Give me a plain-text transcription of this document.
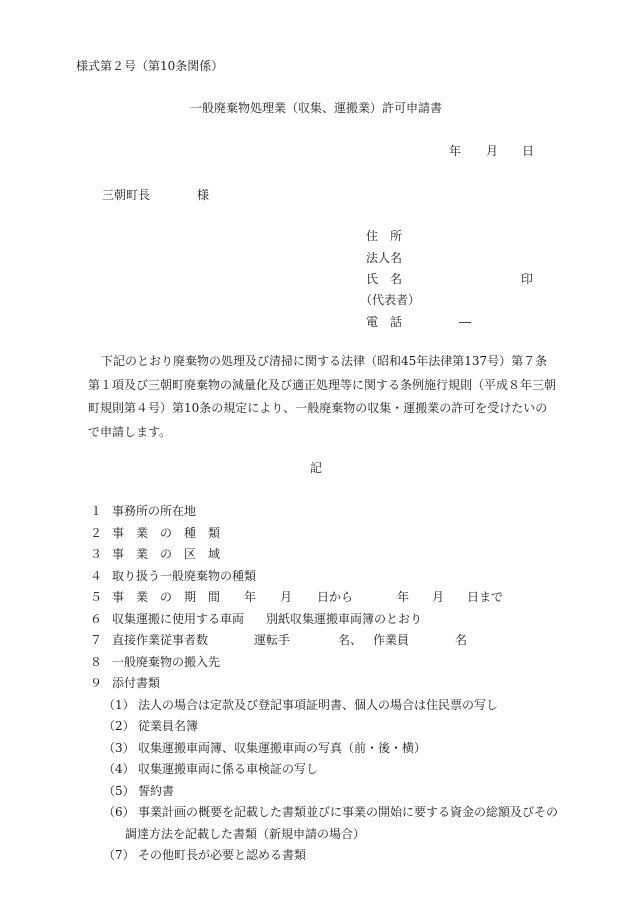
様式第２号（第10条関係）
一般廃棄物処理業（収集、運搬業）許可申請書
年 月 日
三朝町長	様
住　所
法人名
氏　名	印
（代表者）
電　話	―
下記のとおり廃棄物の処理及び清掃に関する法律（昭和45年法律第137号）第７条第１項及び三朝町廃棄物の減量化及び適正処理等に関する条例施行規則（平成８年三朝町規則第４号）第10条の規定により、一般廃棄物の収集・運搬業の許可を受けたいので申請します。
記
１ 事務所の所在地
２ 事　業　の　種　類
３ 事　業　の　区　域
４ 取り扱う一般廃棄物の種類
５ 事　業　の　期　間 年 月 日から	年 月 日まで
６ 収集運搬に使用する車両 別紙収集運搬車両簿のとおり
７ 直接作業従事者数	運転手	名、 作業員	名
８ 一般廃棄物の搬入先
９ 添付書類
（1） 法人の場合は定款及び登記事項証明書、個人の場合は住民票の写し
（2） 従業員名簿
（3） 収集運搬車両簿、収集運搬車両の写真（前・後・横）
（4） 収集運搬車両に係る車検証の写し
（5） 誓約書
（6） 事業計画の概要を記載した書類並びに事業の開始に要する資金の総額及びその
調達方法を記載した書類（新規申請の場合）
（7） その他町長が必要と認める書類
